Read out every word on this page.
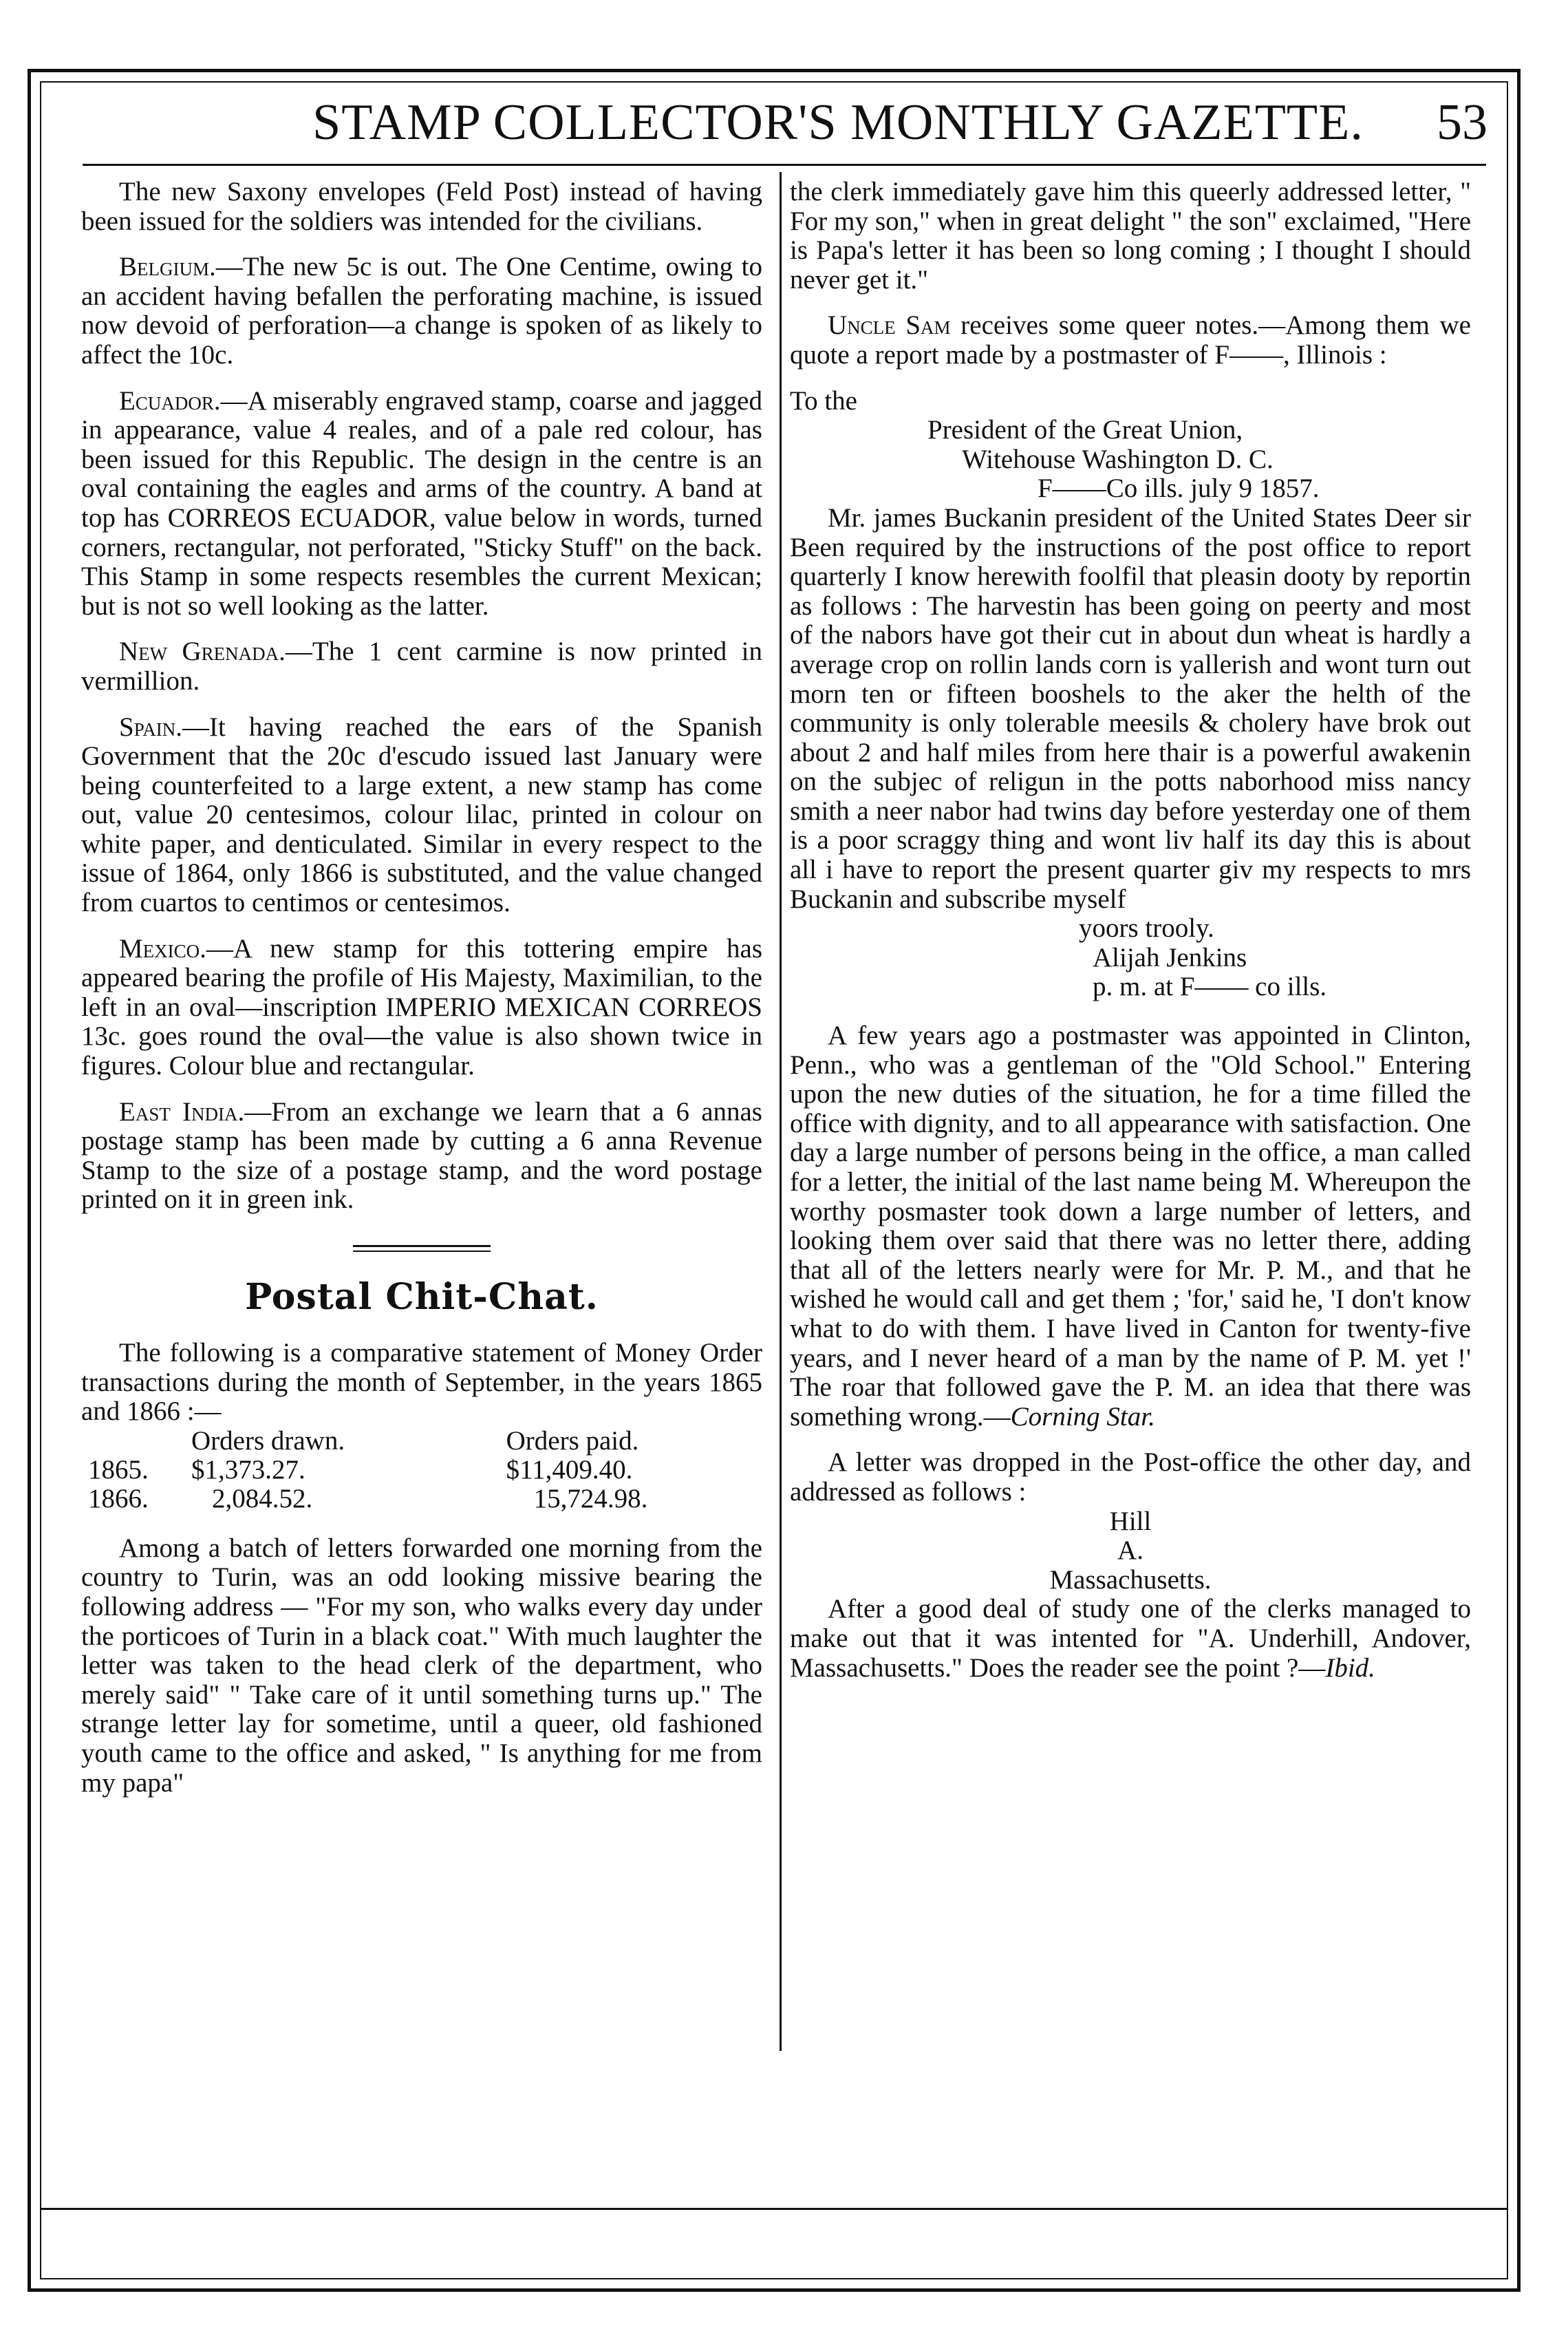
STAMP COLLECTOR'S MONTHLY GAZETTE.	53

The new Saxony envelopes (Feld Post) instead of having been issued for the soldiers was intended for the civilians.

Belgium.—The new 5c is out. The One Centime, owing to an accident having befallen the perforating machine, is issued now devoid of perforation—a change is spoken of as likely to affect the 10c.

Ecuador.—A miserably engraved stamp, coarse and jagged in appearance, value 4 reales, and of a pale red colour, has been issued for this Republic. The design in the centre is an oval containing the eagles and arms of the country. A band at top has CORREOS ECUADOR, value below in words, turned corners, rectangular, not perforated, "Sticky Stuff" on the back. This Stamp in some respects resembles the current Mexican; but is not so well looking as the latter.

New Grenada.—The 1 cent carmine is now printed in vermillion.

Spain.—It having reached the ears of the Spanish Government that the 20c d'escudo issued last January were being counterfeited to a large extent, a new stamp has come out, value 20 centesimos, colour lilac, printed in colour on white paper, and denticulated. Similar in every respect to the issue of 1864, only 1866 is substituted, and the value changed from cuartos to centimos or centesimos.

Mexico.—A new stamp for this tottering empire has appeared bearing the profile of His Majesty, Maximilian, to the left in an oval—inscription IMPERIO MEXICAN CORREOS 13c. goes round the oval—the value is also shown twice in figures. Colour blue and rectangular.

East India.—From an exchange we learn that a 6 annas postage stamp has been made by cutting a 6 anna Revenue Stamp to the size of a postage stamp, and the word postage printed on it in green ink.

Postal Chit-Chat.

The following is a comparative statement of Money Order transactions during the month of September, in the years 1865 and 1866 :—

	Orders drawn.	Orders paid.
1865.	$1,373.27.	$11,409.40.
1866.	2,084.52.	15,724.98.

Among a batch of letters forwarded one morning from the country to Turin, was an odd looking missive bearing the following address — "For my son, who walks every day under the porticoes of Turin in a black coat." With much laughter the letter was taken to the head clerk of the department, who merely said" " Take care of it until something turns up." The strange letter lay for sometime, until a queer, old fashioned youth came to the office and asked, " Is anything for me from my papa"

the clerk immediately gave him this queerly addressed letter, " For my son," when in great delight " the son" exclaimed, "Here is Papa's letter it has been so long coming ; I thought I should never get it."

Uncle Sam receives some queer notes.—Among them we quote a report made by a postmaster of F——, Illinois :

To the

President of the Great Union,

Witehouse Washington D. C.

F——Co ills. july 9 1857.

Mr. james Buckanin president of the United States Deer sir Been required by the instructions of the post office to report quarterly I know herewith foolfil that pleasin dooty by reportin as follows : The harvestin has been going on peerty and most of the nabors have got their cut in about dun wheat is hardly a average crop on rollin lands corn is yallerish and wont turn out morn ten or fifteen booshels to the aker the helth of the community is only tolerable meesils & cholery have brok out about 2 and half miles from here thair is a powerful awakenin on the subjec of religun in the potts naborhood miss nancy smith a neer nabor had twins day before yesterday one of them is a poor scraggy thing and wont liv half its day this is about all i have to report the present quarter giv my respects to mrs Buckanin and subscribe myself

yoors trooly.

Alijah Jenkins

p. m. at F—— co ills.

A few years ago a postmaster was appointed in Clinton, Penn., who was a gentleman of the "Old School." Entering upon the new duties of the situation, he for a time filled the office with dignity, and to all appearance with satisfaction. One day a large number of persons being in the office, a man called for a letter, the initial of the last name being M. Whereupon the worthy posmaster took down a large number of letters, and looking them over said that there was no letter there, adding that all of the letters nearly were for Mr. P. M., and that he wished he would call and get them ; 'for,' said he, 'I don't know what to do with them. I have lived in Canton for twenty-five years, and I never heard of a man by the name of P. M. yet !' The roar that followed gave the P. M. an idea that there was something wrong.—Corning Star.

A letter was dropped in the Post-office the other day, and addressed as follows :

Hill

A.

Massachusetts.

After a good deal of study one of the clerks managed to make out that it was intented for "A. Underhill, Andover, Massachusetts." Does the reader see the point ?—Ibid.
